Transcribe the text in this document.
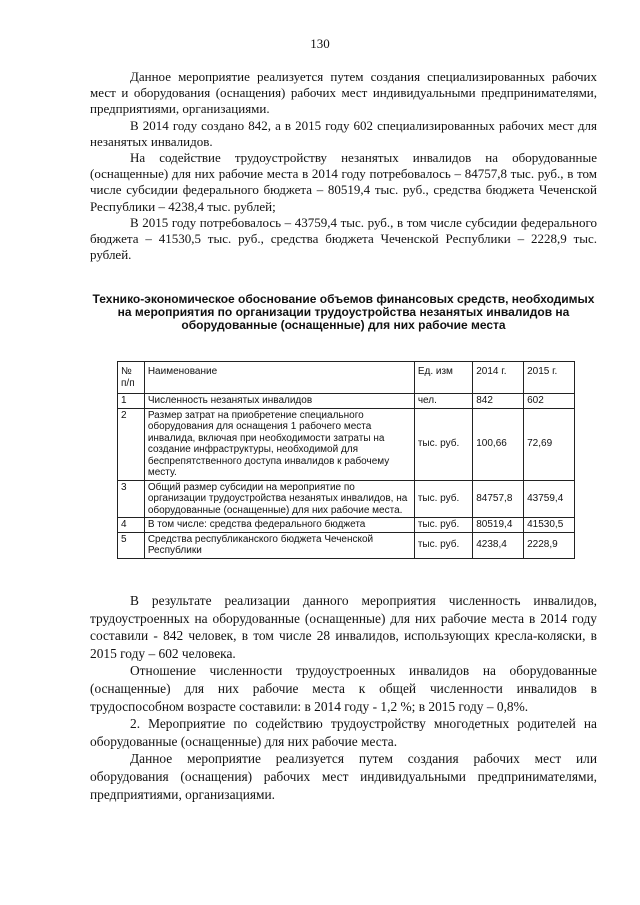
130

Данное мероприятие реализуется путем создания специализированных рабочих мест и оборудования (оснащения) рабочих мест индивидуальными предпринимателями, предприятиями, организациями.

В 2014 году создано 842, а в 2015 году 602 специализированных рабочих мест для незанятых инвалидов.

На содействие трудоустройству незанятых инвалидов на оборудованные (оснащенные) для них рабочие места в 2014 году потребовалось – 84757,8 тыс. руб., в том числе субсидии федерального бюджета – 80519,4 тыс. руб., средства бюджета Чеченской Республики – 4238,4 тыс. рублей;

В 2015 году потребовалось – 43759,4 тыс. руб., в том числе субсидии федерального бюджета – 41530,5 тыс. руб., средства бюджета Чеченской Республики – 2228,9 тыс. рублей.

Технико-экономическое обоснование объемов финансовых средств, необходимых на мероприятия по организации трудоустройства незанятых инвалидов на оборудованные (оснащенные) для них рабочие места
№ п/п	Наименование	Ед. изм	2014 г.	2015 г.
1	Численность незанятых инвалидов	чел.	842	602
2	Размер затрат на приобретение специального оборудования для оснащения 1 рабочего места инвалида, включая при необходимости затраты на создание инфраструктуры, необходимой для беспрепятственного доступа инвалидов к рабочему месту.	тыс. руб.	100,66	72,69
3	Общий размер субсидии на мероприятие по организации трудоустройства незанятых инвалидов, на оборудованные (оснащенные) для них рабочие места.	тыс. руб.	84757,8	43759,4
4	В том числе: средства федерального бюджета	тыс. руб.	80519,4	41530,5
5	Средства республиканского бюджета Чеченской Республики	тыс. руб.	4238,4	2228,9

В результате реализации данного мероприятия численность инвалидов, трудоустроенных на оборудованные (оснащенные) для них рабочие места в 2014 году составили - 842 человек, в том числе 28 инвалидов, использующих кресла-коляски, в 2015 году – 602 человека.

Отношение численности трудоустроенных инвалидов на оборудованные (оснащенные) для них рабочие места к общей численности инвалидов в трудоспособном возрасте составили: в 2014 году - 1,2 %; в 2015 году – 0,8%.

2. Мероприятие по содействию трудоустройству многодетных родителей на оборудованные (оснащенные) для них рабочие места.

Данное мероприятие реализуется путем создания рабочих мест или оборудования (оснащения) рабочих мест индивидуальными предпринимателями, предприятиями, организациями.
